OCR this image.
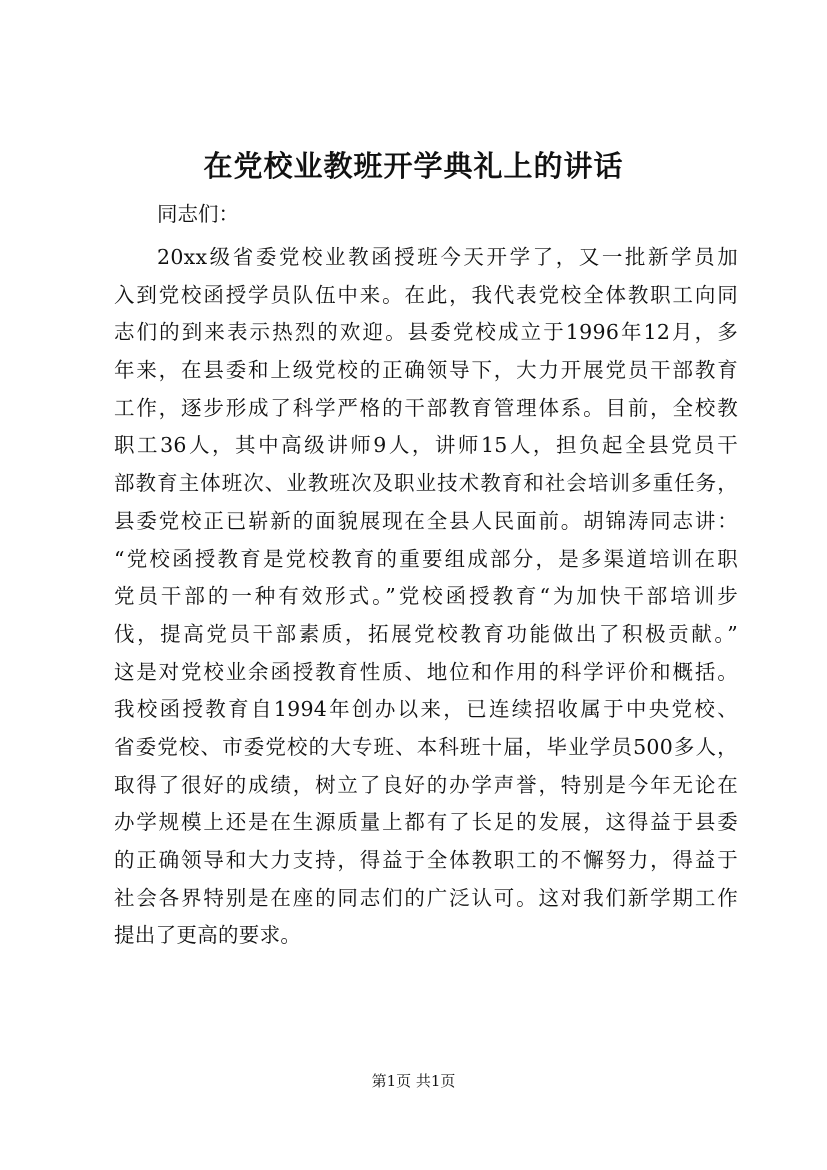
在党校业教班开学典礼上的讲话

同志们：

20xx级省委党校业教函授班今天开学了，又一批新学员加
入到党校函授学员队伍中来。在此，我代表党校全体教职工向同
志们的到来表示热烈的欢迎。县委党校成立于1996年12月，多
年来，在县委和上级党校的正确领导下，大力开展党员干部教育
工作，逐步形成了科学严格的干部教育管理体系。目前，全校教
职工36人，其中高级讲师9人，讲师15人，担负起全县党员干
部教育主体班次、业教班次及职业技术教育和社会培训多重任务，
县委党校正已崭新的面貌展现在全县人民面前。胡锦涛同志讲：
“党校函授教育是党校教育的重要组成部分，是多渠道培训在职
党员干部的一种有效形式。”党校函授教育“为加快干部培训步
伐，提高党员干部素质，拓展党校教育功能做出了积极贡献。”
这是对党校业余函授教育性质、地位和作用的科学评价和概括。
我校函授教育自1994年创办以来，已连续招收属于中央党校、
省委党校、市委党校的大专班、本科班十届，毕业学员500多人，
取得了很好的成绩，树立了良好的办学声誉，特别是今年无论在
办学规模上还是在生源质量上都有了长足的发展，这得益于县委
的正确领导和大力支持，得益于全体教职工的不懈努力，得益于
社会各界特别是在座的同志们的广泛认可。这对我们新学期工作
提出了更高的要求。

第1页 共1页
